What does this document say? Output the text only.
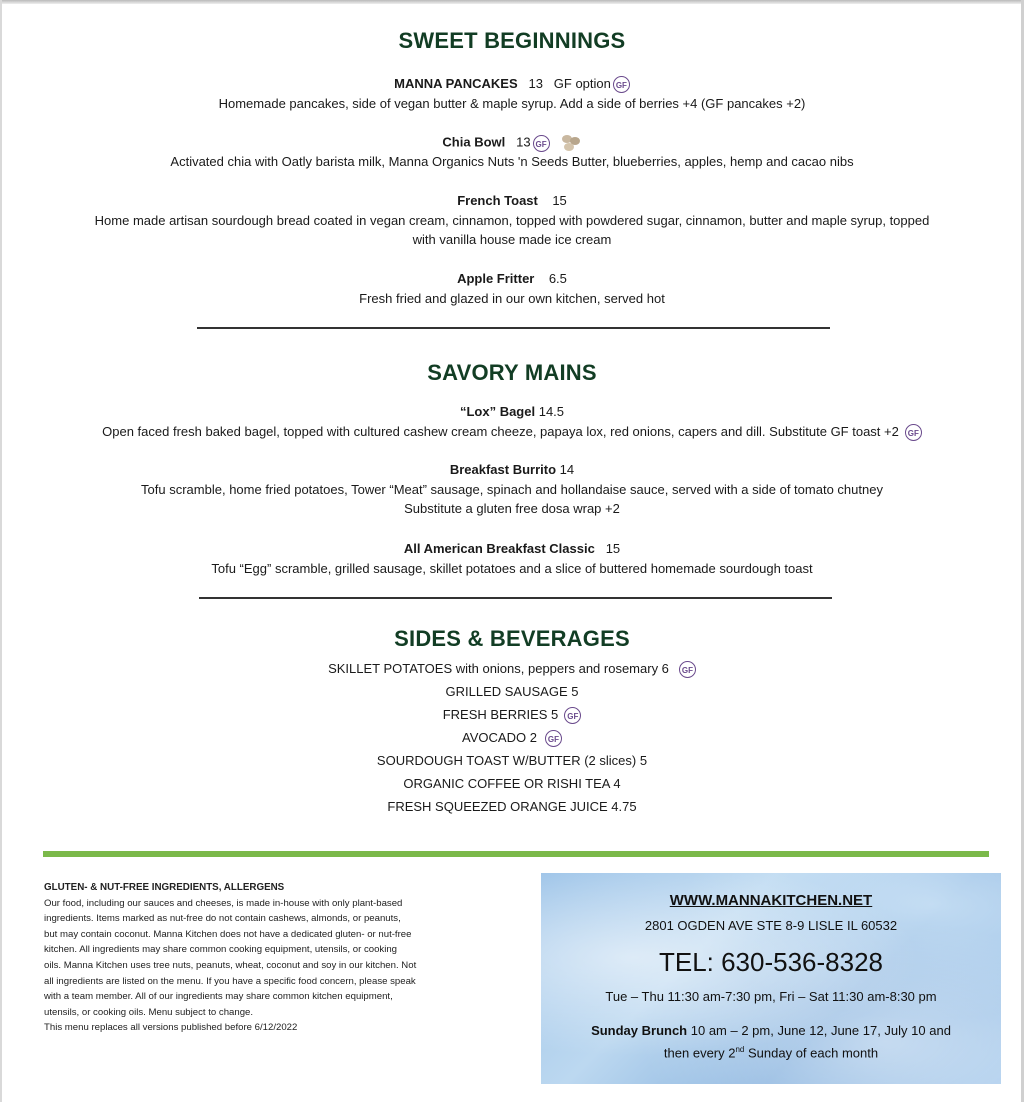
SWEET BEGINNINGS
MANNA PANCAKES 13 GF option GF
Homemade pancakes, side of vegan butter & maple syrup. Add a side of berries +4 (GF pancakes +2)
Chia Bowl 13 GF
Activated chia with Oatly barista milk, Manna Organics Nuts 'n Seeds Butter, blueberries, apples, hemp and cacao nibs
French Toast 15
Home made artisan sourdough bread coated in vegan cream, cinnamon, topped with powdered sugar, cinnamon, butter and maple syrup, topped
with vanilla house made ice cream
Apple Fritter 6.5
Fresh fried and glazed in our own kitchen, served hot
SAVORY MAINS
“Lox” Bagel 14.5
Open faced fresh baked bagel, topped with cultured cashew cream cheeze, papaya lox, red onions, capers and dill. Substitute GF toast +2 GF
Breakfast Burrito 14
Tofu scramble, home fried potatoes, Tower “Meat” sausage, spinach and hollandaise sauce, served with a side of tomato chutney
Substitute a gluten free dosa wrap +2
All American Breakfast Classic 15
Tofu “Egg” scramble, grilled sausage, skillet potatoes and a slice of buttered homemade sourdough toast
SIDES & BEVERAGES
SKILLET POTATOES with onions, peppers and rosemary 6 GF
GRILLED SAUSAGE 5
FRESH BERRIES 5 GF
AVOCADO 2 GF
SOURDOUGH TOAST W/BUTTER (2 slices) 5
ORGANIC COFFEE OR RISHI TEA 4
FRESH SQUEEZED ORANGE JUICE 4.75
GLUTEN- & NUT-FREE INGREDIENTS, ALLERGENS
Our food, including our sauces and cheeses, is made in-house with only plant-based
ingredients. Items marked as nut-free do not contain cashews, almonds, or peanuts,
but may contain coconut. Manna Kitchen does not have a dedicated gluten- or nut-free
kitchen. All ingredients may share common cooking equipment, utensils, or cooking
oils. Manna Kitchen uses tree nuts, peanuts, wheat, coconut and soy in our kitchen. Not
all ingredients are listed on the menu. If you have a specific food concern, please speak
with a team member. All of our ingredients may share common kitchen equipment,
utensils, or cooking oils. Menu subject to change.
This menu replaces all versions published before 6/12/2022
WWW.MANNAKITCHEN.NET
2801 OGDEN AVE STE 8-9 LISLE IL 60532
TEL: 630-536-8328
Tue – Thu 11:30 am-7:30 pm, Fri – Sat 11:30 am-8:30 pm
Sunday Brunch 10 am – 2 pm, June 12, June 17, July 10 and
then every 2nd Sunday of each month
